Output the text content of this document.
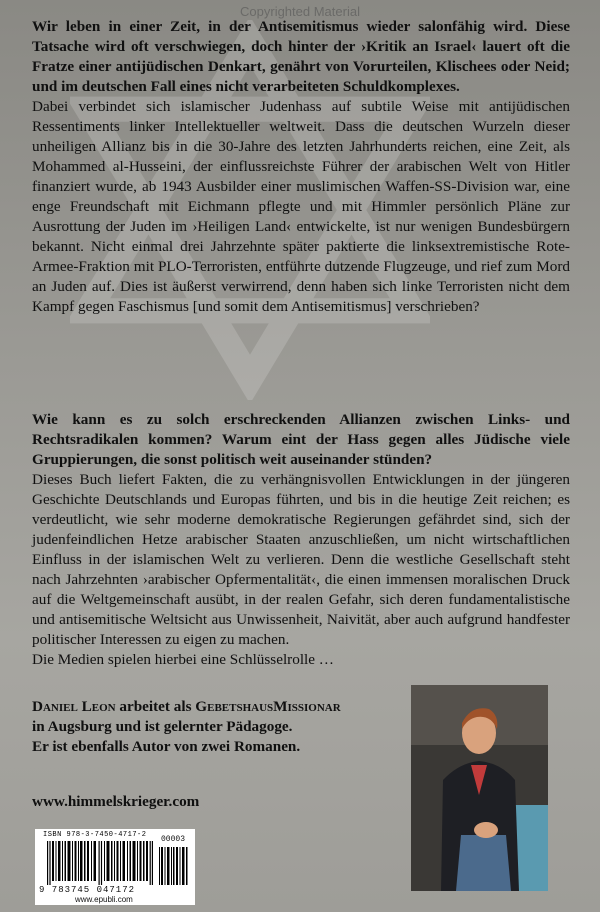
Copyrighted Material

Wir leben in einer Zeit, in der Antisemitismus wieder salonfähig wird. Diese Tatsache wird oft verschwiegen, doch hinter der ›Kritik an Israel‹ lauert oft die Fratze einer antijüdischen Denkart, genährt von Vorurteilen, Klischees oder Neid; und im deutschen Fall eines nicht verarbeiteten Schuldkomplexes.

Dabei verbindet sich islamischer Judenhass auf subtile Weise mit antijüdischen Ressentiments linker Intellektueller weltweit. Dass die deutschen Wurzeln dieser unheiligen Allianz bis in die 30-Jahre des letzten Jahrhunderts reichen, eine Zeit, als Mohammed al-Husseini, der einflussreichste Führer der arabischen Welt von Hitler finanziert wurde, ab 1943 Ausbilder einer muslimischen Waffen-SS-Division war, eine enge Freundschaft mit Eichmann pflegte und mit Himmler persönlich Pläne zur Ausrottung der Juden im ›Heiligen Land‹ entwickelte, ist nur wenigen Bundesbürgern bekannt. Nicht einmal drei Jahrzehnte später paktierte die linksextremistische Rote-Armee-Fraktion mit PLO-Terroristen, entführte dutzende Flugzeuge, und rief zum Mord an Juden auf. Dies ist äußerst verwirrend, denn haben sich linke Terroristen nicht dem Kampf gegen Faschismus [und somit dem Antisemitismus] verschrieben?

Wie kann es zu solch erschreckenden Allianzen zwischen Links- und Rechtsradikalen kommen? Warum eint der Hass gegen alles Jüdische viele Gruppierungen, die sonst politisch weit auseinander stünden?

Dieses Buch liefert Fakten, die zu verhängnisvollen Entwicklungen in der jüngeren Geschichte Deutschlands und Europas führten, und bis in die heutige Zeit reichen; es verdeutlicht, wie sehr moderne demokratische Regierungen gefährdet sind, sich der judenfeindlichen Hetze arabischer Staaten anzuschließen, um nicht wirtschaftlichen Einfluss in der islamischen Welt zu verlieren. Denn die westliche Gesellschaft steht nach Jahrzehnten ›arabischer Opfermentalität‹, die einen immensen moralischen Druck auf die Weltgemeinschaft ausübt, in der realen Gefahr, sich deren fundamentalistische und antisemitische Weltsicht aus Unwissenheit, Naivität, aber auch aufgrund handfester politischer Interessen zu eigen zu machen.

Die Medien spielen hierbei eine Schlüsselrolle …

Daniel Leon arbeitet als GebetshausMissionar
in Augsburg und ist gelernter Pädagoge.
Er ist ebenfalls Autor von zwei Romanen.
www.himmelskrieger.com
ISBN 978-3-7450-4717-2 00003
9 783745 047172
www.epubli.com
